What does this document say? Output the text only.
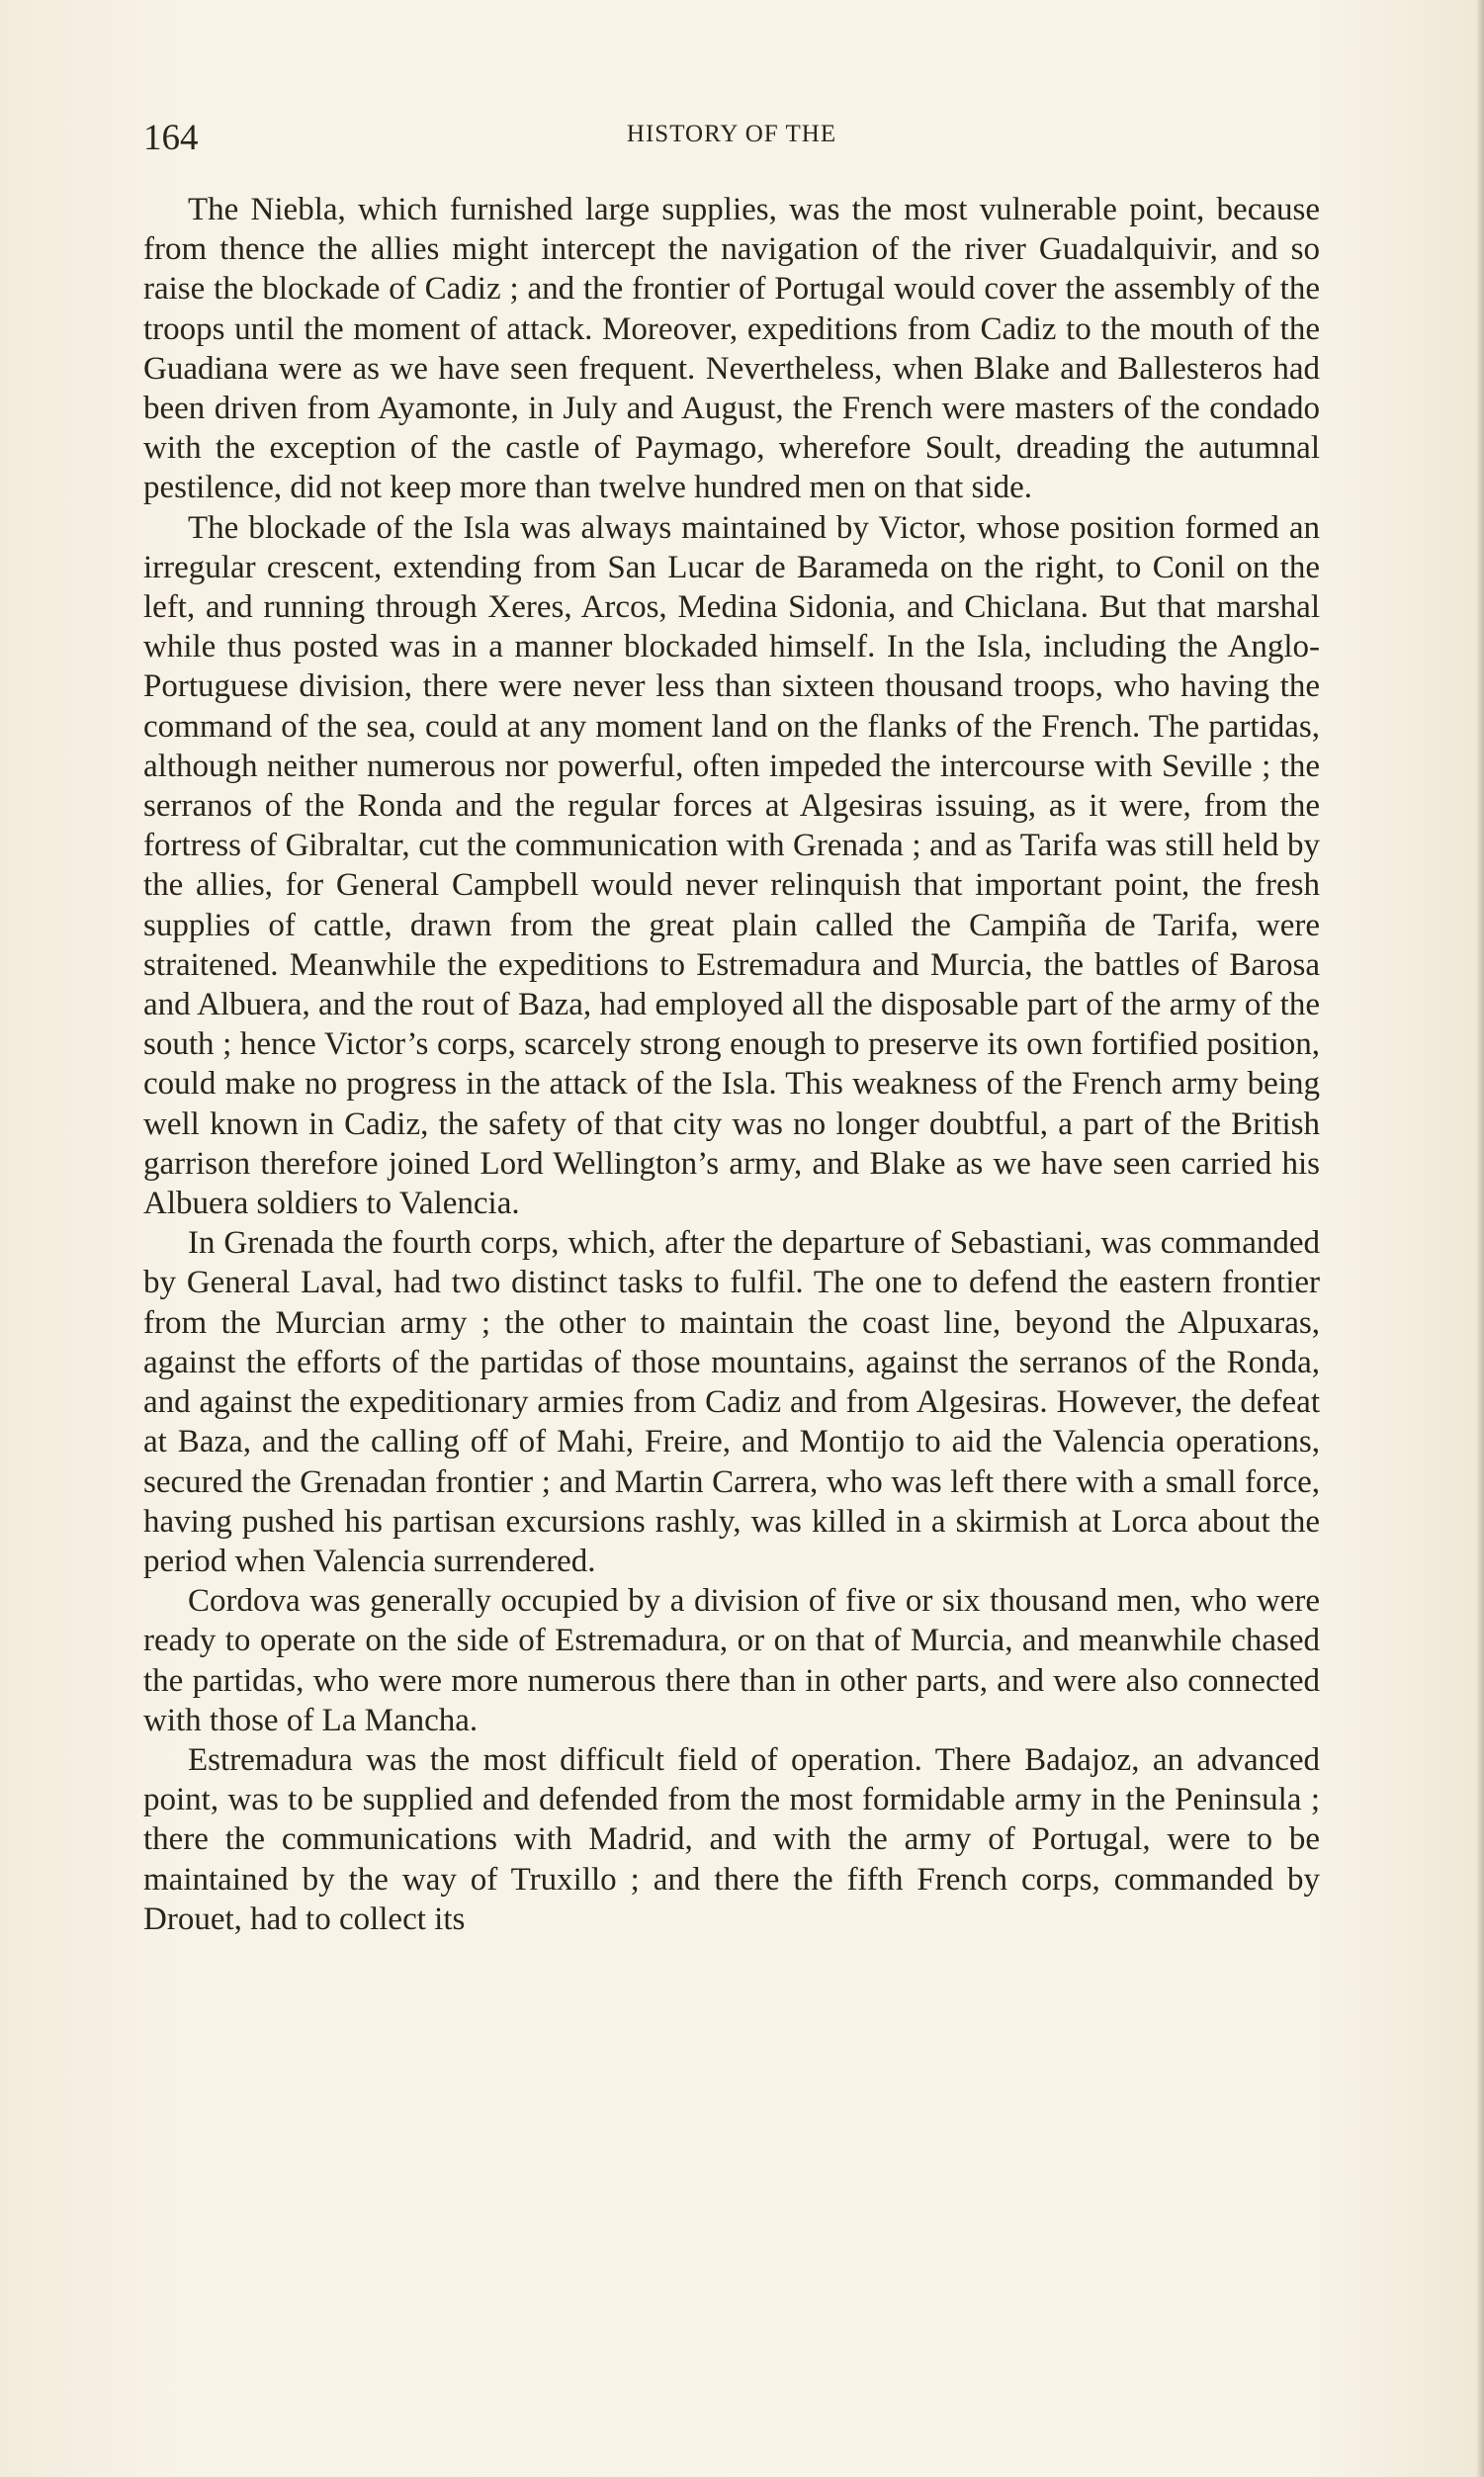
164	HISTORY OF THE

The Niebla, which furnished large supplies, was the most vulnerable point, because from thence the allies might intercept the navigation of the river Guadalquivir, and so raise the blockade of Cadiz ; and the frontier of Portugal would cover the assembly of the troops until the moment of attack. Moreover, expeditions from Cadiz to the mouth of the Guadiana were as we have seen frequent. Nevertheless, when Blake and Ballesteros had been driven from Ayamonte, in July and August, the French were masters of the condado with the exception of the castle of Paymago, wherefore Soult, dreading the autumnal pestilence, did not keep more than twelve hundred men on that side.

The blockade of the Isla was always maintained by Victor, whose position formed an irregular crescent, extending from San Lucar de Barameda on the right, to Conil on the left, and running through Xeres, Arcos, Medina Sidonia, and Chiclana. But that marshal while thus posted was in a manner blockaded himself. In the Isla, including the Anglo-Portuguese division, there were never less than sixteen thousand troops, who having the command of the sea, could at any moment land on the flanks of the French. The partidas, although neither numerous nor powerful, often impeded the intercourse with Seville ; the serranos of the Ronda and the regular forces at Algesiras issuing, as it were, from the fortress of Gibraltar, cut the communication with Grenada ; and as Tarifa was still held by the allies, for General Campbell would never relinquish that important point, the fresh supplies of cattle, drawn from the great plain called the Campiña de Tarifa, were straitened. Meanwhile the expeditions to Estremadura and Murcia, the battles of Barosa and Albuera, and the rout of Baza, had employed all the disposable part of the army of the south ; hence Victor’s corps, scarcely strong enough to preserve its own fortified position, could make no progress in the attack of the Isla. This weakness of the French army being well known in Cadiz, the safety of that city was no longer doubtful, a part of the British garrison therefore joined Lord Wellington’s army, and Blake as we have seen carried his Albuera soldiers to Valencia.

In Grenada the fourth corps, which, after the departure of Sebastiani, was commanded by General Laval, had two distinct tasks to fulfil. The one to defend the eastern frontier from the Murcian army ; the other to maintain the coast line, beyond the Alpuxaras, against the efforts of the partidas of those mountains, against the serranos of the Ronda, and against the expeditionary armies from Cadiz and from Algesiras. However, the defeat at Baza, and the calling off of Mahi, Freire, and Montijo to aid the Valencia operations, secured the Grenadan frontier ; and Martin Carrera, who was left there with a small force, having pushed his partisan excursions rashly, was killed in a skirmish at Lorca about the period when Valencia surrendered.

Cordova was generally occupied by a division of five or six thousand men, who were ready to operate on the side of Estremadura, or on that of Murcia, and meanwhile chased the partidas, who were more numerous there than in other parts, and were also connected with those of La Mancha.

Estremadura was the most difficult field of operation. There Badajoz, an advanced point, was to be supplied and defended from the most formidable army in the Peninsula ; there the communications with Madrid, and with the army of Portugal, were to be maintained by the way of Truxillo ; and there the fifth French corps, commanded by Drouet, had to collect its
